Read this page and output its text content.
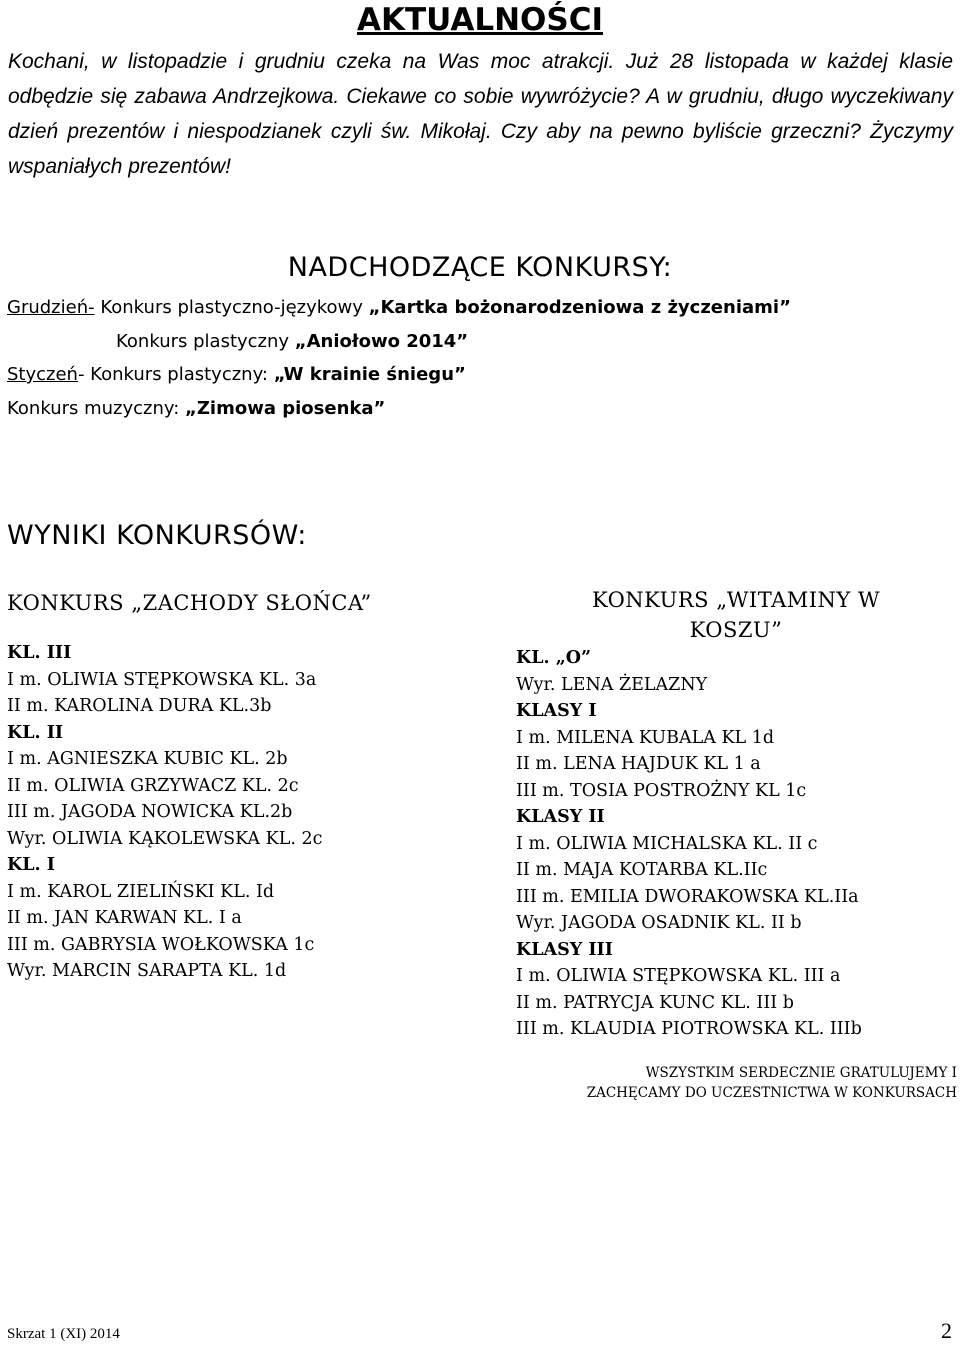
AKTUALNOŚCI

Kochani, w listopadzie i grudniu czeka na Was moc atrakcji. Już 28 listopada w każdej klasie odbędzie się zabawa Andrzejkowa. Ciekawe co sobie wywróżycie? A w grudniu, długo wyczekiwany dzień prezentów i niespodzianek czyli św. Mikołaj. Czy aby na pewno byliście grzeczni? Życzymy wspaniałych prezentów!

NADCHODZĄCE KONKURSY:
Grudzień- Konkurs plastyczno-językowy „Kartka bożonarodzeniowa z życzeniami”
Konkurs plastyczny „Aniołowo 2014”
Styczeń- Konkurs plastyczny: „W krainie śniegu”
Konkurs muzyczny: „Zimowa piosenka”
WYNIKI KONKURSÓW:
KONKURS „ZACHODY SŁOŃCA”
KL. III
I m. OLIWIA STĘPKOWSKA KL. 3a
II m. KAROLINA DURA KL.3b
KL. II
I m. AGNIESZKA KUBIC KL. 2b
II m. OLIWIA GRZYWACZ KL. 2c
III m. JAGODA NOWICKA KL.2b
Wyr. OLIWIA KĄKOLEWSKA KL. 2c
KL. I
I m. KAROL ZIELIŃSKI KL. Id
II m. JAN KARWAN KL. I a
III m. GABRYSIA WOŁKOWSKA 1c
Wyr. MARCIN SARAPTA KL. 1d
KONKURS „WITAMINY W
KOSZU”
KL. „O”
Wyr. LENA ŻELAZNY
KLASY I
I m. MILENA KUBALA KL 1d
II m. LENA HAJDUK KL 1 a
III m. TOSIA POSTROŻNY KL 1c
KLASY II
I m. OLIWIA MICHALSKA KL. II c
II m. MAJA KOTARBA KL.IIc
III m. EMILIA DWORAKOWSKA KL.IIa
Wyr. JAGODA OSADNIK KL. II b
KLASY III
I m. OLIWIA STĘPKOWSKA KL. III a
II m. PATRYCJA KUNC KL. III b
III m. KLAUDIA PIOTROWSKA KL. IIIb
WSZYSTKIM SERDECZNIE GRATULUJEMY I
ZACHĘCAMY DO UCZESTNICTWA W KONKURSACH
Skrzat 1 (XI) 2014	2
